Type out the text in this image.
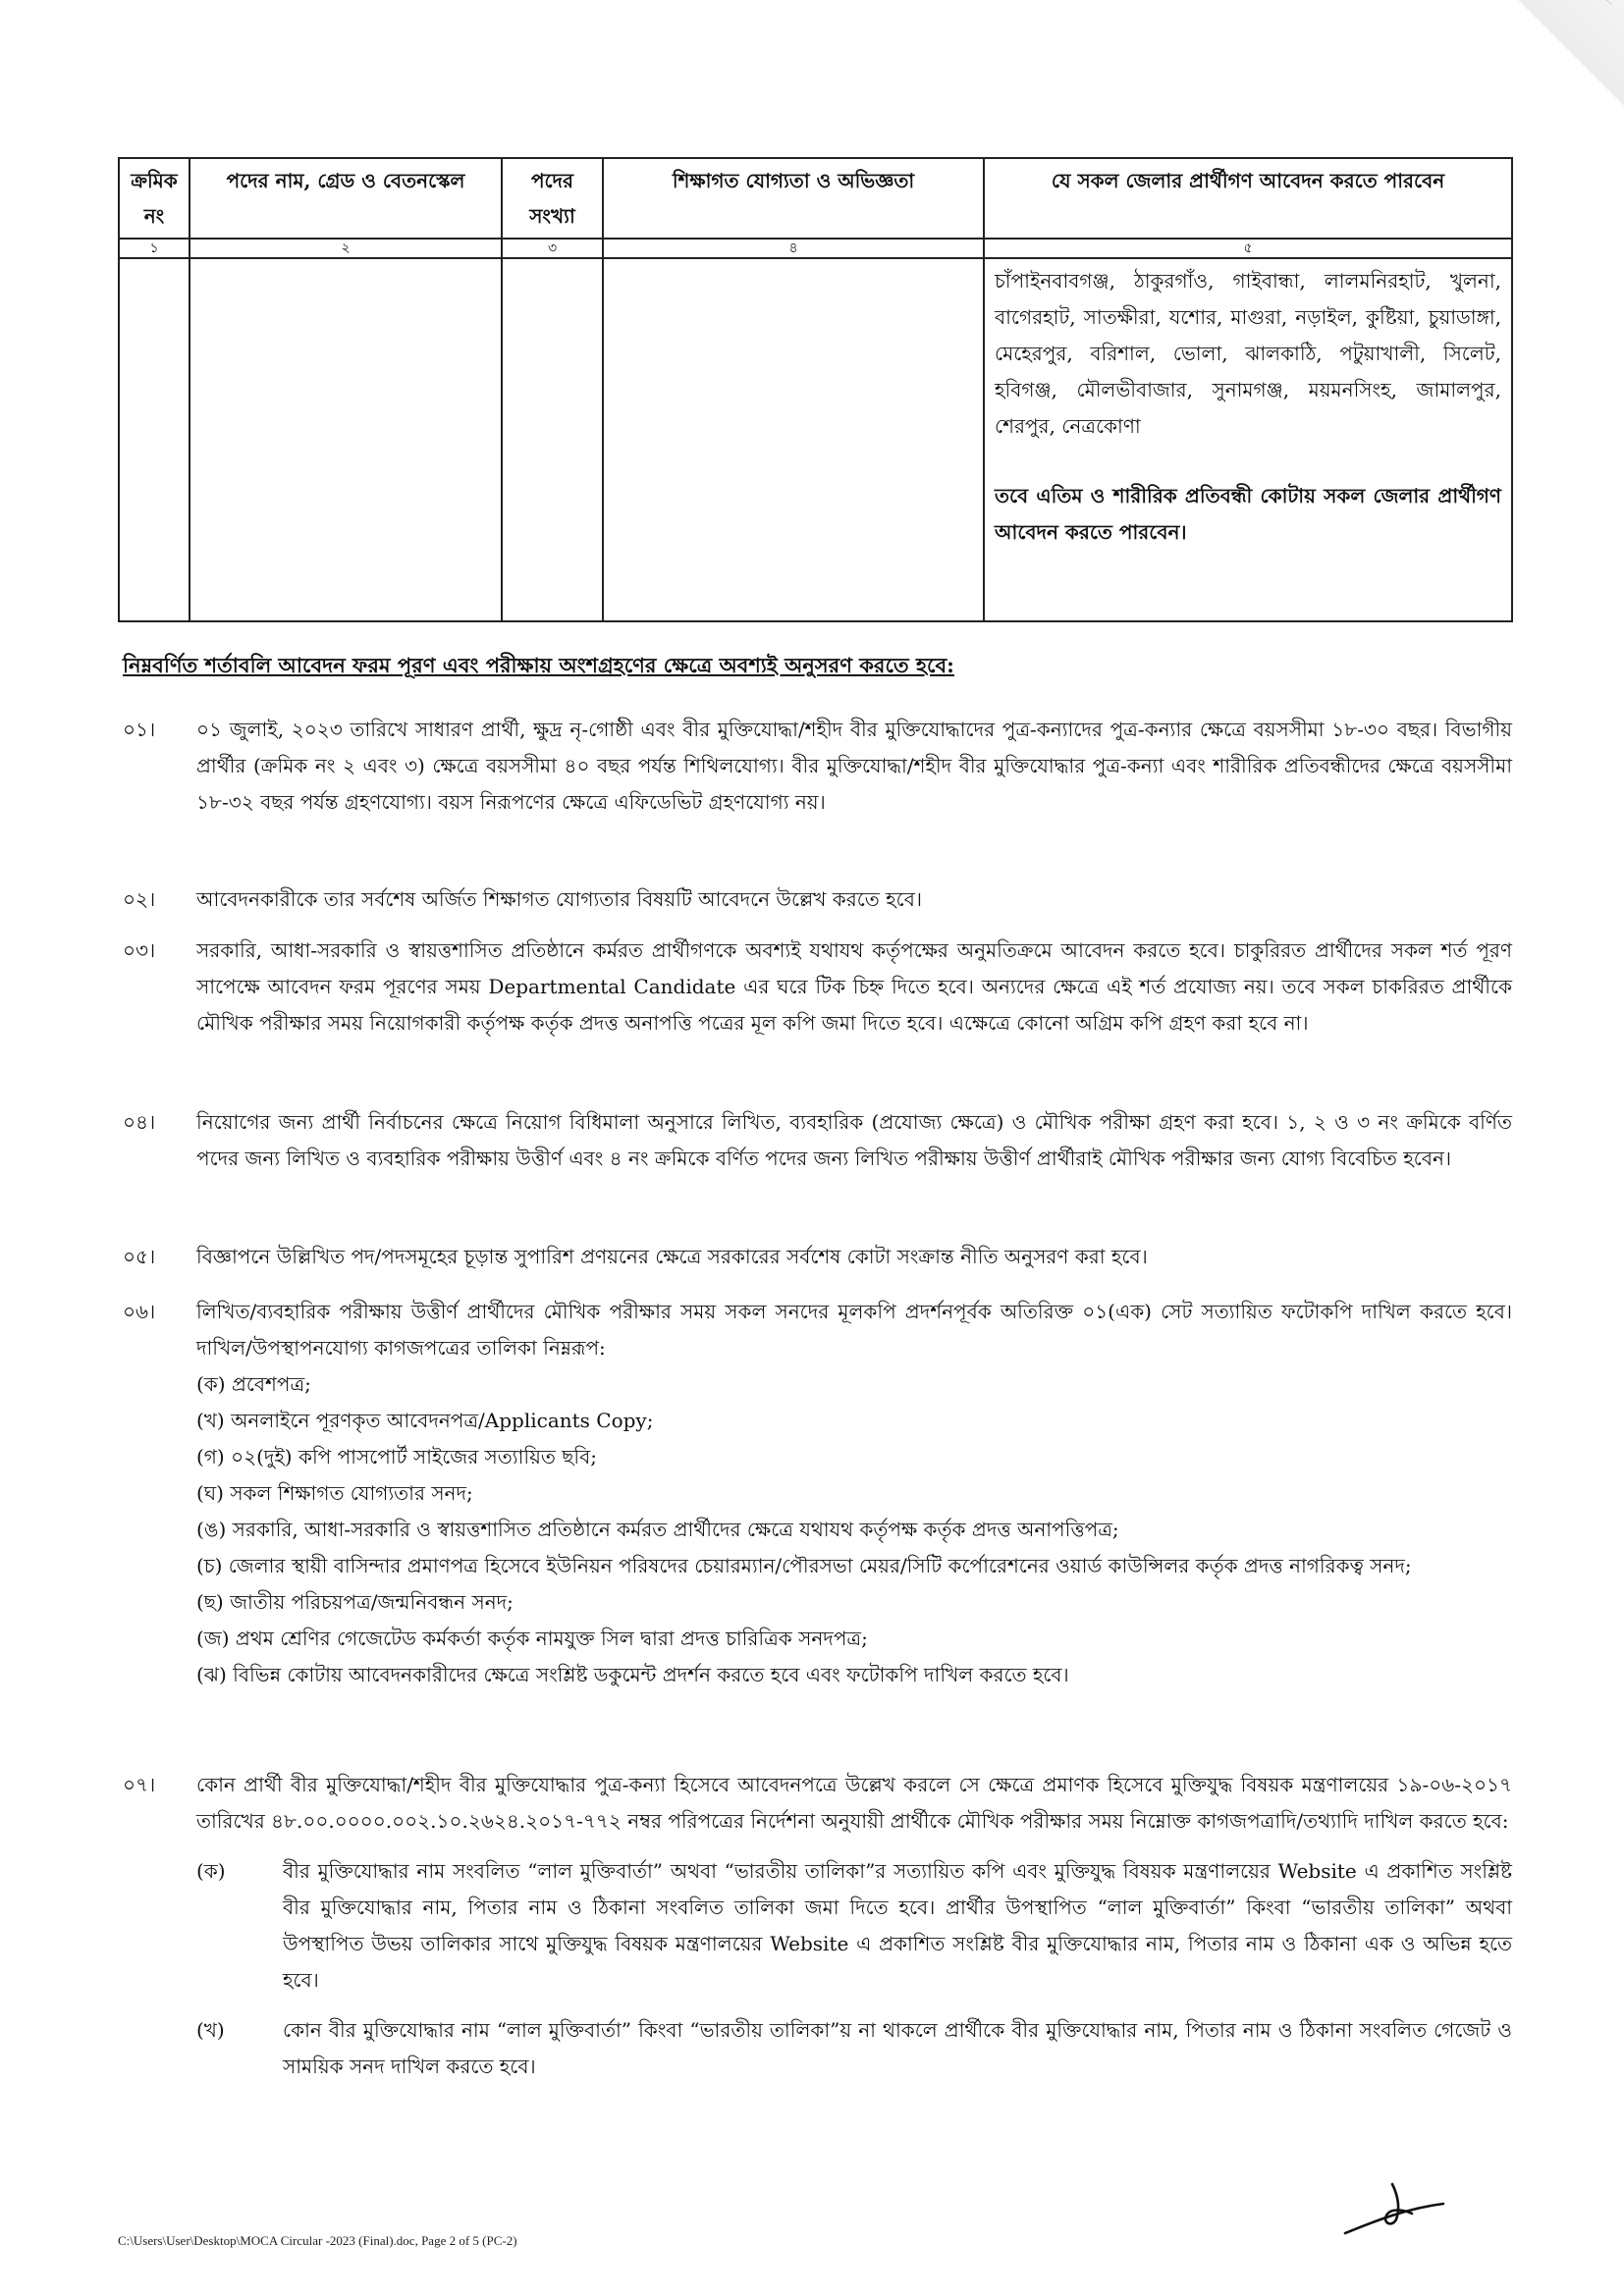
ক্রমিক নং	পদের নাম, গ্রেড ও বেতনস্কেল	পদের সংখ্যা	শিক্ষাগত যোগ্যতা ও অভিজ্ঞতা	যে সকল জেলার প্রার্থীগণ আবেদন করতে পারবেন
১	২	৩	৪	৫

				চাঁপাইনবাবগঞ্জ, ঠাকুরগাঁও, গাইবান্ধা, লালমনিরহাট, খুলনা, বাগেরহাট, সাতক্ষীরা, যশোর, মাগুরা, নড়াইল, কুষ্টিয়া, চুয়াডাঙ্গা, মেহেরপুর, বরিশাল, ভোলা, ঝালকাঠি, পটুয়াখালী, সিলেট, হবিগঞ্জ, মৌলভীবাজার, সুনামগঞ্জ, ময়মনসিংহ, জামালপুর, শেরপুর, নেত্রকোণা
তবে এতিম ও শারীরিক প্রতিবন্ধী কোটায় সকল জেলার প্রার্থীগণ আবেদন করতে পারবেন।

নিম্নবর্ণিত শর্তাবলি আবেদন ফরম পূরণ এবং পরীক্ষায় অংশগ্রহণের ক্ষেত্রে অবশ্যই অনুসরণ করতে হবে:

০১।	০১ জুলাই, ২০২৩ তারিখে সাধারণ প্রার্থী, ক্ষুদ্র নৃ-গোষ্ঠী এবং বীর মুক্তিযোদ্ধা/শহীদ বীর মুক্তিযোদ্ধাদের পুত্র-কন্যাদের পুত্র-কন্যার ক্ষেত্রে বয়সসীমা ১৮-৩০ বছর। বিভাগীয় প্রার্থীর (ক্রমিক নং ২ এবং ৩) ক্ষেত্রে বয়সসীমা ৪০ বছর পর্যন্ত শিথিলযোগ্য। বীর মুক্তিযোদ্ধা/শহীদ বীর মুক্তিযোদ্ধার পুত্র-কন্যা এবং শারীরিক প্রতিবন্ধীদের ক্ষেত্রে বয়সসীমা ১৮-৩২ বছর পর্যন্ত গ্রহণযোগ্য। বয়স নিরূপণের ক্ষেত্রে এফিডেভিট গ্রহণযোগ্য নয়।

০২।	আবেদনকারীকে তার সর্বশেষ অর্জিত শিক্ষাগত যোগ্যতার বিষয়টি আবেদনে উল্লেখ করতে হবে।

০৩।	সরকারি, আধা-সরকারি ও স্বায়ত্তশাসিত প্রতিষ্ঠানে কর্মরত প্রার্থীগণকে অবশ্যই যথাযথ কর্তৃপক্ষের অনুমতিক্রমে আবেদন করতে হবে। চাকুরিরত প্রার্থীদের সকল শর্ত পূরণ সাপেক্ষে আবেদন ফরম পূরণের সময় Departmental Candidate এর ঘরে টিক চিহ্ন দিতে হবে। অন্যদের ক্ষেত্রে এই শর্ত প্রযোজ্য নয়। তবে সকল চাকরিরত প্রার্থীকে মৌখিক পরীক্ষার সময় নিয়োগকারী কর্তৃপক্ষ কর্তৃক প্রদত্ত অনাপত্তি পত্রের মূল কপি জমা দিতে হবে। এক্ষেত্রে কোনো অগ্রিম কপি গ্রহণ করা হবে না।

০৪।	নিয়োগের জন্য প্রার্থী নির্বাচনের ক্ষেত্রে নিয়োগ বিধিমালা অনুসারে লিখিত, ব্যবহারিক (প্রযোজ্য ক্ষেত্রে) ও মৌখিক পরীক্ষা গ্রহণ করা হবে। ১, ২ ও ৩ নং ক্রমিকে বর্ণিত পদের জন্য লিখিত ও ব্যবহারিক পরীক্ষায় উত্তীর্ণ এবং ৪ নং ক্রমিকে বর্ণিত পদের জন্য লিখিত পরীক্ষায় উত্তীর্ণ প্রার্থীরাই মৌখিক পরীক্ষার জন্য যোগ্য বিবেচিত হবেন।

০৫।	বিজ্ঞাপনে উল্লিখিত পদ/পদসমূহের চূড়ান্ত সুপারিশ প্রণয়নের ক্ষেত্রে সরকারের সর্বশেষ কোটা সংক্রান্ত নীতি অনুসরণ করা হবে।

০৬।	লিখিত/ব্যবহারিক পরীক্ষায় উত্তীর্ণ প্রার্থীদের মৌখিক পরীক্ষার সময় সকল সনদের মূলকপি প্রদর্শনপূর্বক অতিরিক্ত ০১(এক) সেট সত্যায়িত ফটোকপি দাখিল করতে হবে। দাখিল/উপস্থাপনযোগ্য কাগজপত্রের তালিকা নিম্নরূপ:

(ক) প্রবেশপত্র;
(খ) অনলাইনে পূরণকৃত আবেদনপত্র/Applicants Copy;
(গ) ০২(দুই) কপি পাসপোর্ট সাইজের সত্যায়িত ছবি;
(ঘ) সকল শিক্ষাগত যোগ্যতার সনদ;
(ঙ) সরকারি, আধা-সরকারি ও স্বায়ত্তশাসিত প্রতিষ্ঠানে কর্মরত প্রার্থীদের ক্ষেত্রে যথাযথ কর্তৃপক্ষ কর্তৃক প্রদত্ত অনাপত্তিপত্র;
(চ) জেলার স্থায়ী বাসিন্দার প্রমাণপত্র হিসেবে ইউনিয়ন পরিষদের চেয়ারম্যান/পৌরসভা মেয়র/সিটি কর্পোরেশনের ওয়ার্ড কাউন্সিলর কর্তৃক প্রদত্ত নাগরিকত্ব সনদ;
(ছ) জাতীয় পরিচয়পত্র/জন্মনিবন্ধন সনদ;
(জ) প্রথম শ্রেণির গেজেটেড কর্মকর্তা কর্তৃক নামযুক্ত সিল দ্বারা প্রদত্ত চারিত্রিক সনদপত্র;
(ঝ) বিভিন্ন কোটায় আবেদনকারীদের ক্ষেত্রে সংশ্লিষ্ট ডকুমেন্ট প্রদর্শন করতে হবে এবং ফটোকপি দাখিল করতে হবে।
০৭।	কোন প্রার্থী বীর মুক্তিযোদ্ধা/শহীদ বীর মুক্তিযোদ্ধার পুত্র-কন্যা হিসেবে আবেদনপত্রে উল্লেখ করলে সে ক্ষেত্রে প্রমাণক হিসেবে মুক্তিযুদ্ধ বিষয়ক মন্ত্রণালয়ের ১৯-০৬-২০১৭ তারিখের ৪৮.০০.০০০০.০০২.১০.২৬২৪.২০১৭-৭৭২ নম্বর পরিপত্রের নির্দেশনা অনুযায়ী প্রার্থীকে মৌখিক পরীক্ষার সময় নিম্নোক্ত কাগজপত্রাদি/তথ্যাদি দাখিল করতে হবে:

(ক)	বীর মুক্তিযোদ্ধার নাম সংবলিত “লাল মুক্তিবার্তা” অথবা “ভারতীয় তালিকা”র সত্যায়িত কপি এবং মুক্তিযুদ্ধ বিষয়ক মন্ত্রণালয়ের Website এ প্রকাশিত সংশ্লিষ্ট বীর মুক্তিযোদ্ধার নাম, পিতার নাম ও ঠিকানা সংবলিত তালিকা জমা দিতে হবে। প্রার্থীর উপস্থাপিত “লাল মুক্তিবার্তা” কিংবা “ভারতীয় তালিকা” অথবা উপস্থাপিত উভয় তালিকার সাথে মুক্তিযুদ্ধ বিষয়ক মন্ত্রণালয়ের Website এ প্রকাশিত সংশ্লিষ্ট বীর মুক্তিযোদ্ধার নাম, পিতার নাম ও ঠিকানা এক ও অভিন্ন হতে হবে।
(খ)	কোন বীর মুক্তিযোদ্ধার নাম “লাল মুক্তিবার্তা” কিংবা “ভারতীয় তালিকা”য় না থাকলে প্রার্থীকে বীর মুক্তিযোদ্ধার নাম, পিতার নাম ও ঠিকানা সংবলিত গেজেট ও সাময়িক সনদ দাখিল করতে হবে।

C:\Users\User\Desktop\MOCA Circular -2023 (Final).doc, Page 2 of 5 (PC-2)
